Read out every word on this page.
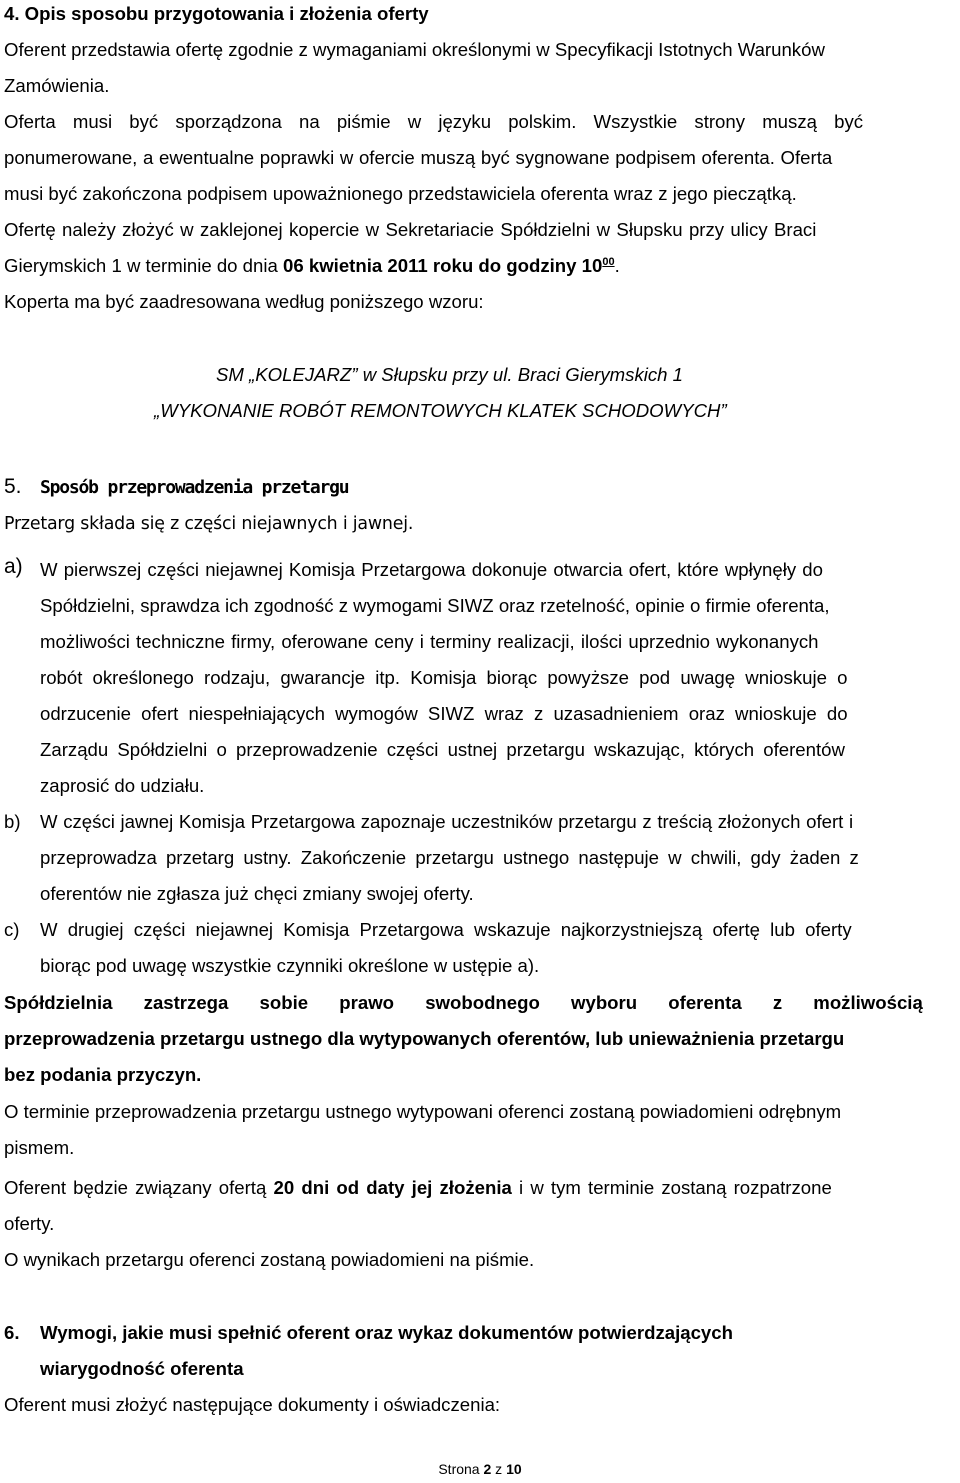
4. Opis sposobu przygotowania i złożenia oferty
Oferent przedstawia ofertę zgodnie z wymaganiami określonymi w Specyfikacji Istotnych Warunków
Zamówienia.
Oferta musi być sporządzona na piśmie w języku polskim. Wszystkie strony muszą być
ponumerowane, a ewentualne poprawki w ofercie muszą być sygnowane podpisem oferenta. Oferta
musi być zakończona podpisem upoważnionego przedstawiciela oferenta wraz z jego pieczątką.
Ofertę należy złożyć w zaklejonej kopercie w Sekretariacie Spółdzielni w Słupsku przy ulicy Braci
Gierymskich 1 w terminie do dnia 06 kwietnia 2011 roku do godziny $10^{00}$.
Koperta ma być zaadresowana według poniższego wzoru:
SM „KOLEJARZ” w Słupsku przy ul. Braci Gierymskich 1
„WYKONANIE ROBÓT REMONTOWYCH KLATEK SCHODOWYCH”
5. Sposób przeprowadzenia przetargu
Przetarg składa się z części niejawnych i jawnej.
a) W pierwszej części niejawnej Komisja Przetargowa dokonuje otwarcia ofert, które wpłynęły do
Spółdzielni, sprawdza ich zgodność z wymogami SIWZ oraz rzetelność, opinie o firmie oferenta,
możliwości techniczne firmy, oferowane ceny i terminy realizacji, ilości uprzednio wykonanych
robót określonego rodzaju, gwarancje itp. Komisja biorąc powyższe pod uwagę wnioskuje o
odrzucenie ofert niespełniających wymogów SIWZ wraz z uzasadnieniem oraz wnioskuje do
Zarządu Spółdzielni o przeprowadzenie części ustnej przetargu wskazując, których oferentów
zaprosić do udziału.
b) W części jawnej Komisja Przetargowa zapoznaje uczestników przetargu z treścią złożonych ofert i
przeprowadza przetarg ustny. Zakończenie przetargu ustnego następuje w chwili, gdy żaden z
oferentów nie zgłasza już chęci zmiany swojej oferty.
c) W drugiej części niejawnej Komisja Przetargowa wskazuje najkorzystniejszą ofertę lub oferty
biorąc pod uwagę wszystkie czynniki określone w ustępie a).
Spółdzielnia zastrzega sobie prawo swobodnego wyboru oferenta z możliwością
przeprowadzenia przetargu ustnego dla wytypowanych oferentów, lub unieważnienia przetargu
bez podania przyczyn.
O terminie przeprowadzenia przetargu ustnego wytypowani oferenci zostaną powiadomieni odrębnym
pismem.
Oferent będzie związany ofertą 20 dni od daty jej złożenia i w tym terminie zostaną rozpatrzone
oferty.
O wynikach przetargu oferenci zostaną powiadomieni na piśmie.
6. Wymogi, jakie musi spełnić oferent oraz wykaz dokumentów potwierdzających
wiarygodność oferenta
Oferent musi złożyć następujące dokumenty i oświadczenia:
Strona 2 z 10
